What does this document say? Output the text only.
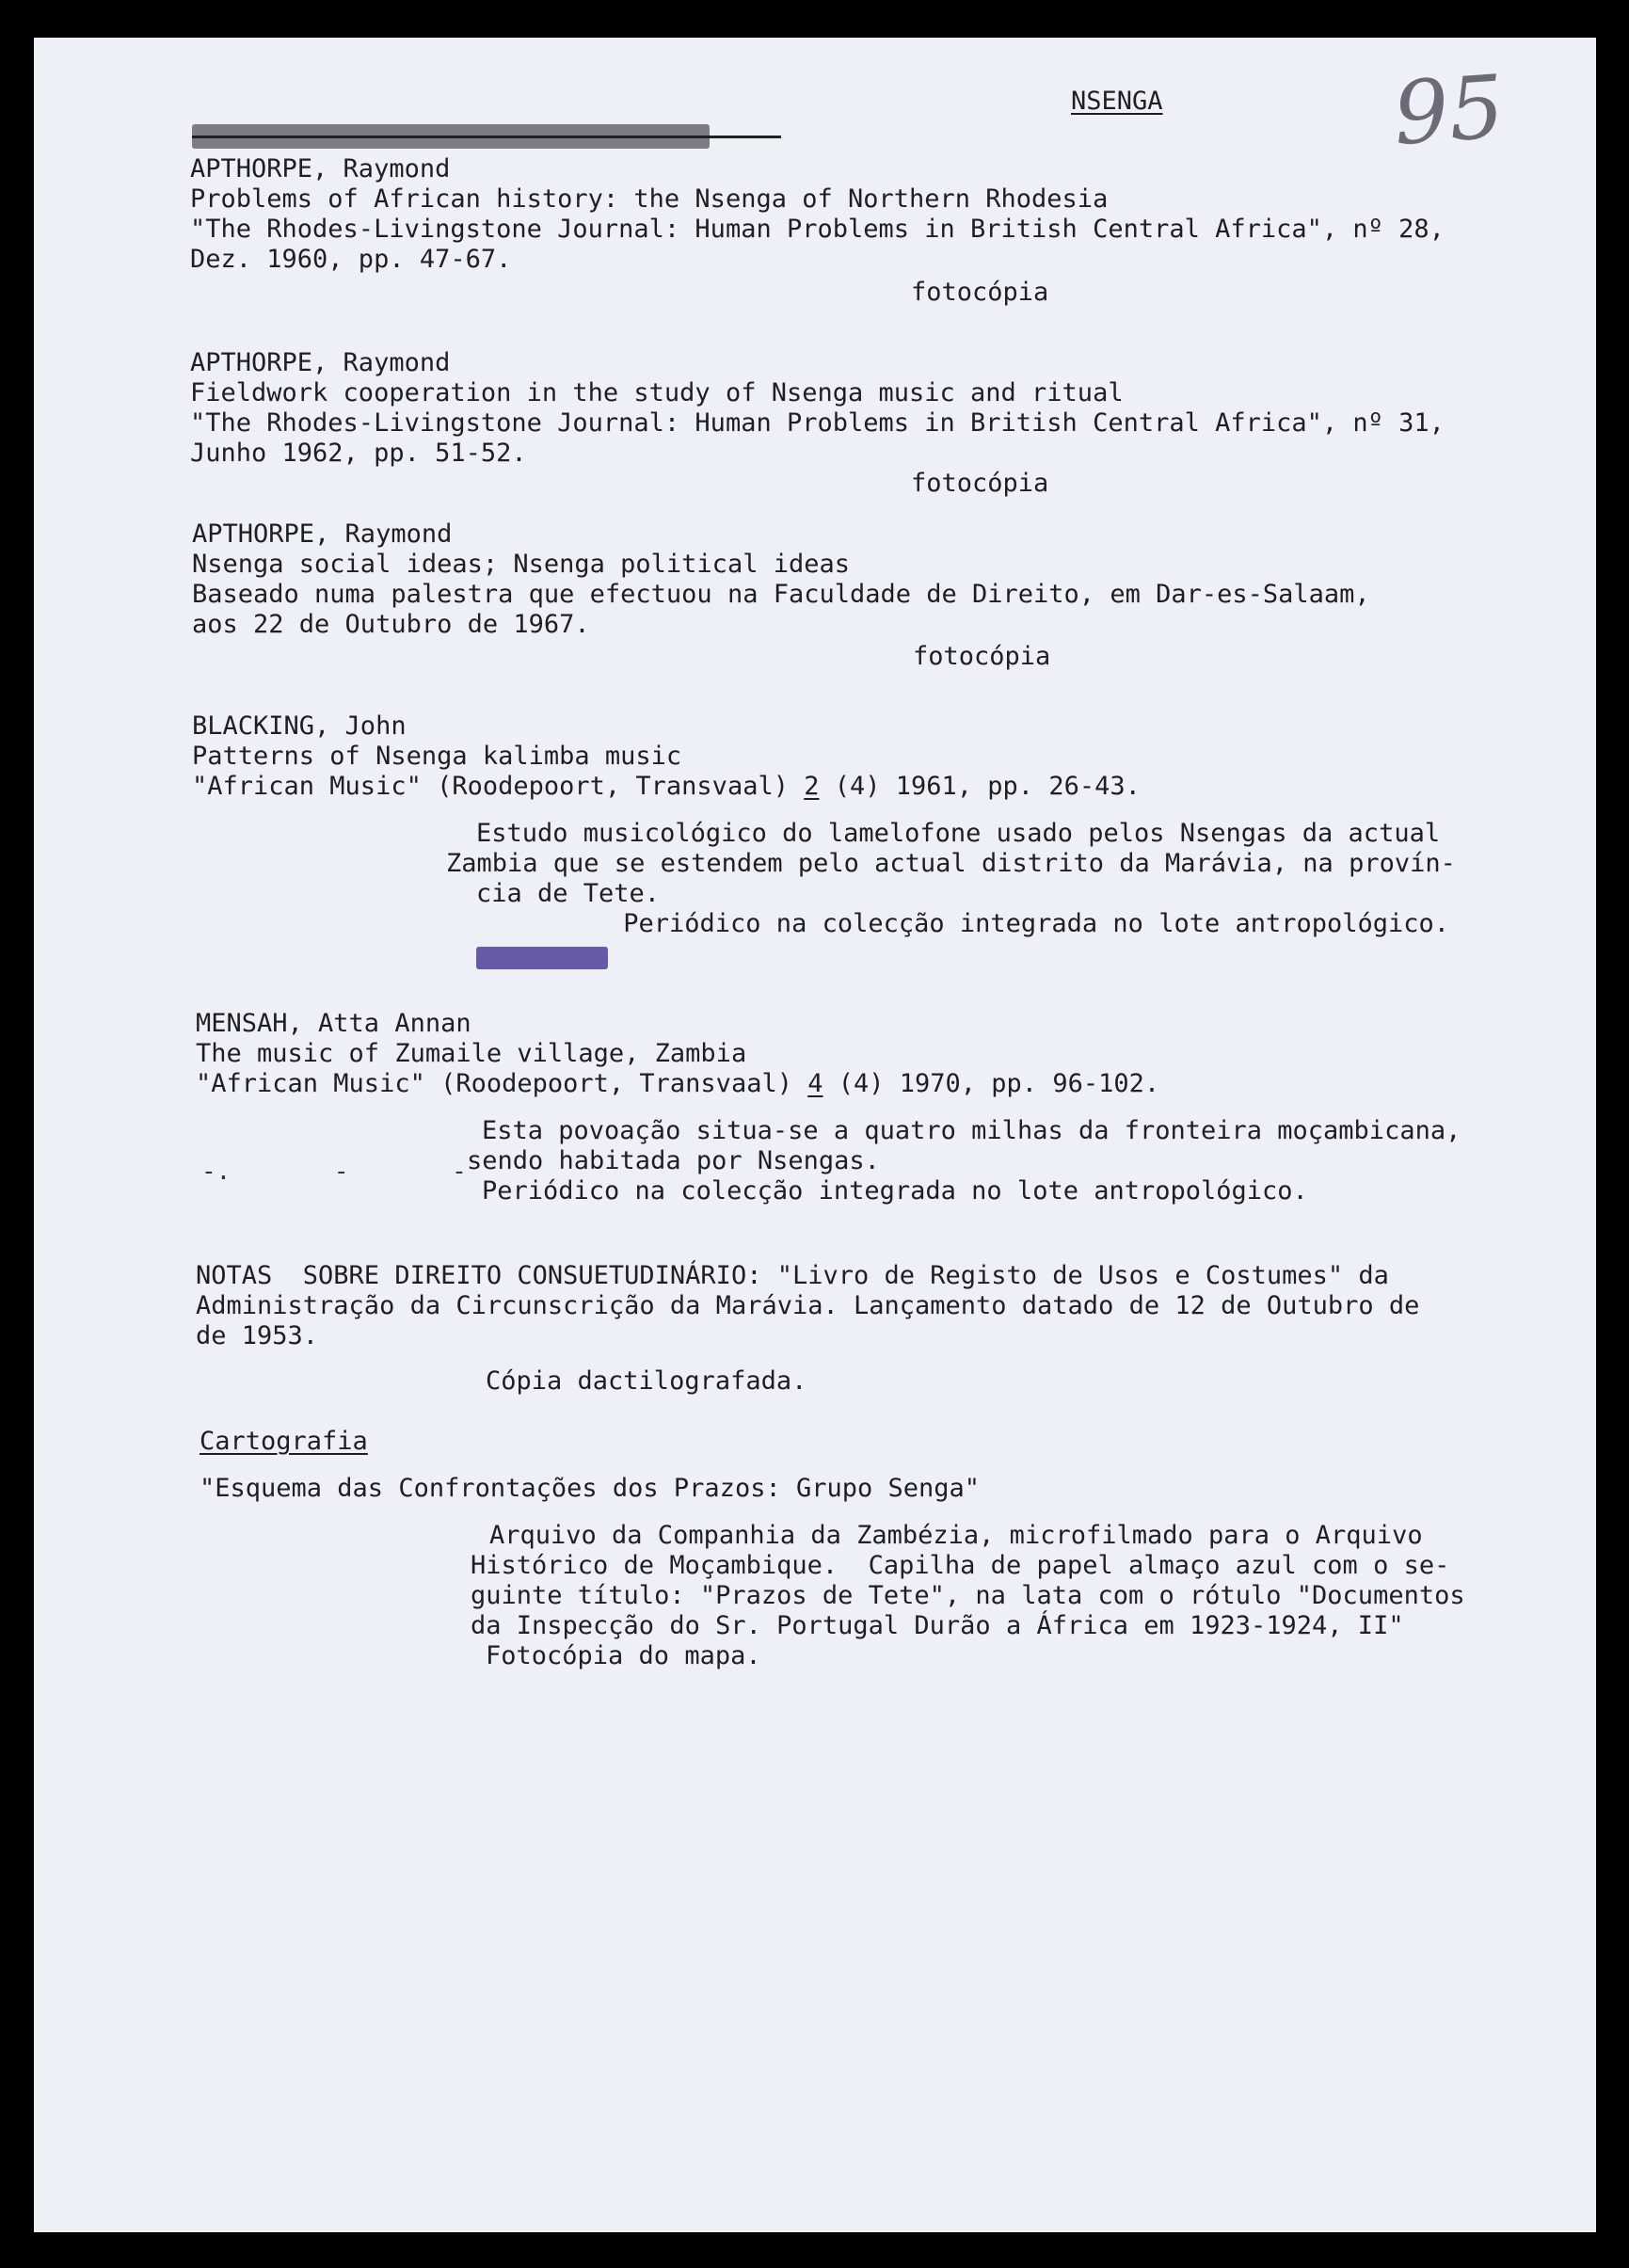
NSENGA	95

APTHORPE, Raymond

Problems of African history: the Nsenga of Northern Rhodesia

"The Rhodes-Livingstone Journal: Human Problems in British Central Africa", nº 28,

Dez. 1960, pp. 47-67.

fotocópia

APTHORPE, Raymond

Fieldwork cooperation in the study of Nsenga music and ritual

"The Rhodes-Livingstone Journal: Human Problems in British Central Africa", nº 31,

Junho 1962, pp. 51-52.

fotocópia

APTHORPE, Raymond

Nsenga social ideas; Nsenga political ideas

Baseado numa palestra que efectuou na Faculdade de Direito, em Dar-es-Salaam,

aos 22 de Outubro de 1967.

fotocópia

BLACKING, John

Patterns of Nsenga kalimba music

"African Music" (Roodepoort, Transvaal) 2 (4) 1961, pp. 26-43.

Estudo musicológico do lamelofone usado pelos Nsengas da actual

Zambia que se estendem pelo actual distrito da Marávia, na provín-

cia de Tete.

Periódico na colecção integrada no lote antropológico.

MENSAH, Atta Annan

The music of Zumaile village, Zambia

"African Music" (Roodepoort, Transvaal) 4 (4) 1970, pp. 96-102.

-.       -       -

Esta povoação situa-se a quatro milhas da fronteira moçambicana,

sendo habitada por Nsengas.

Periódico na colecção integrada no lote antropológico.

NOTAS  SOBRE DIREITO CONSUETUDINÁRIO: "Livro de Registo de Usos e Costumes" da

Administração da Circunscrição da Marávia. Lançamento datado de 12 de Outubro de

de 1953.

Cópia dactilografada.

Cartografia

"Esquema das Confrontações dos Prazos: Grupo Senga"

Arquivo da Companhia da Zambézia, microfilmado para o Arquivo

Histórico de Moçambique.  Capilha de papel almaço azul com o se-

guinte título: "Prazos de Tete", na lata com o rótulo "Documentos

da Inspecção do Sr. Portugal Durão a África em 1923-1924, II"

Fotocópia do mapa.
